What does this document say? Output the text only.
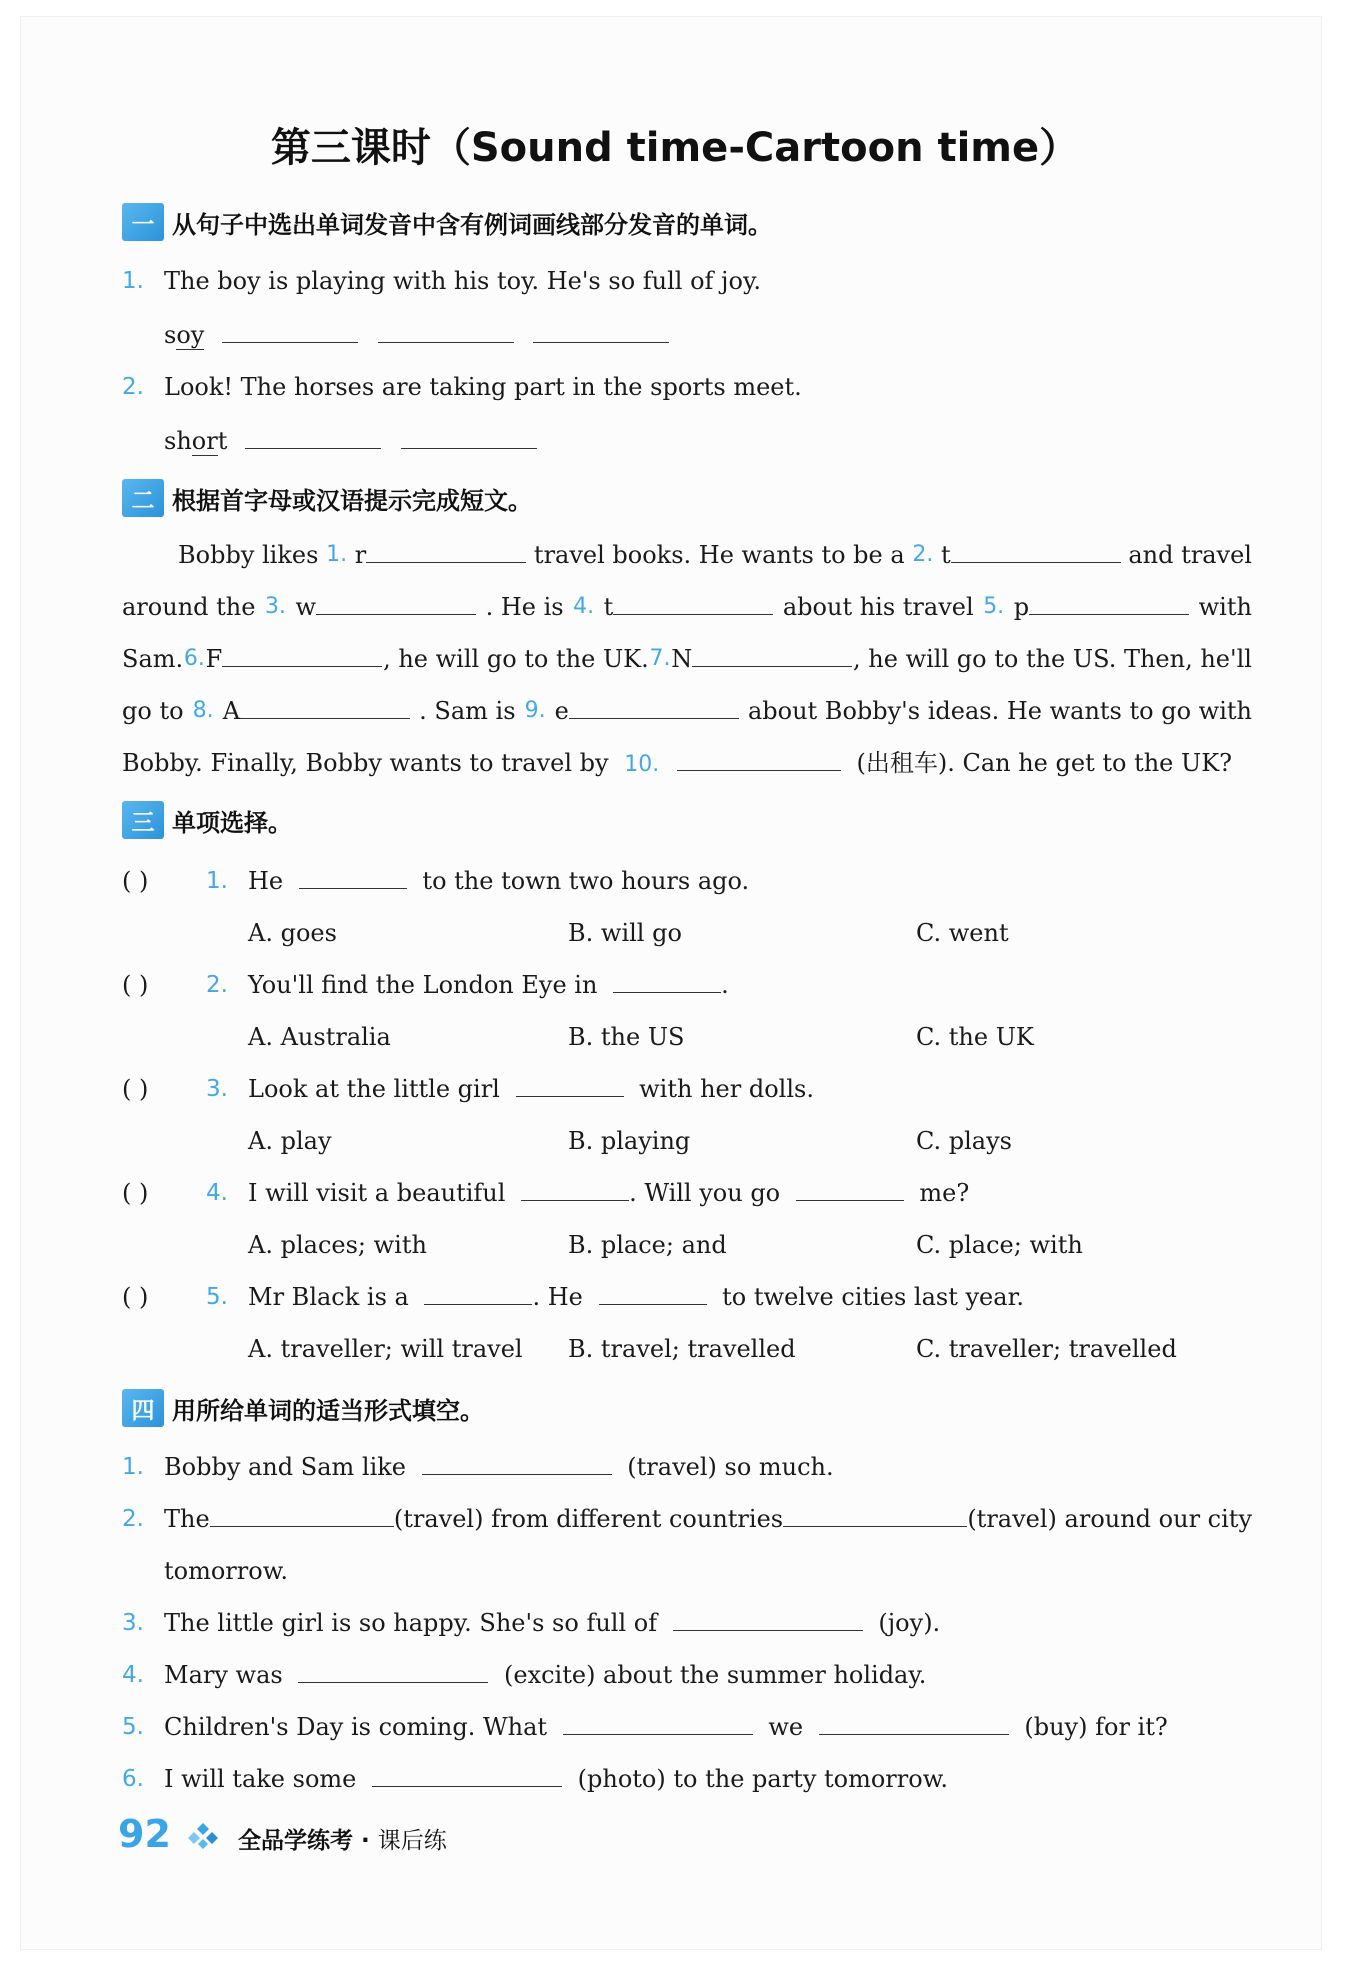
第三课时（Sound time-Cartoon time）
一 从句子中选出单词发音中含有例词画线部分发音的单词。
1. The boy is playing with his toy. He's so full of joy.
soy
2. Look! The horses are taking part in the sports meet.
short
二 根据首字母或汉语提示完成短文。
Bobby likes 1. r	travel books. He wants to be a 2. t	and travel
around the 3. w	. He is 4. t	about his travel 5. p	with
Sam. 6. F	, he will go to the UK. 7. N	, he will go to the US. Then, he'll
go to 8. A	. Sam is 9. e	about Bobby's ideas. He wants to go with
Bobby. Finally, Bobby wants to travel by 10.	(出租车). Can he get to the UK?
三 单项选择。
( )	1. He	to the town two hours ago.
A. goes	B. will go	C. went
( )	2. You'll find the London Eye in	.
A. Australia	B. the US	C. the UK
( )	3. Look at the little girl	with her dolls.
A. play	B. playing	C. plays
( )	4. I will visit a beautiful	. Will you go	me?
A. places; with	B. place; and	C. place; with
( )	5. Mr Black is a	. He	to twelve cities last year.
A. traveller; will travel B. travel; travelled	C. traveller; travelled
四 用所给单词的适当形式填空。
1. Bobby and Sam like	(travel) so much.
2. The	(travel) from different countries	(travel) around our city
tomorrow.
3. The little girl is so happy. She's so full of	(joy).
4. Mary was	(excite) about the summer holiday.
5. Children's Day is coming. What	we	(buy) for it?
6. I will take some	(photo) to the party tomorrow.
92	全品学练考 · 课后练
